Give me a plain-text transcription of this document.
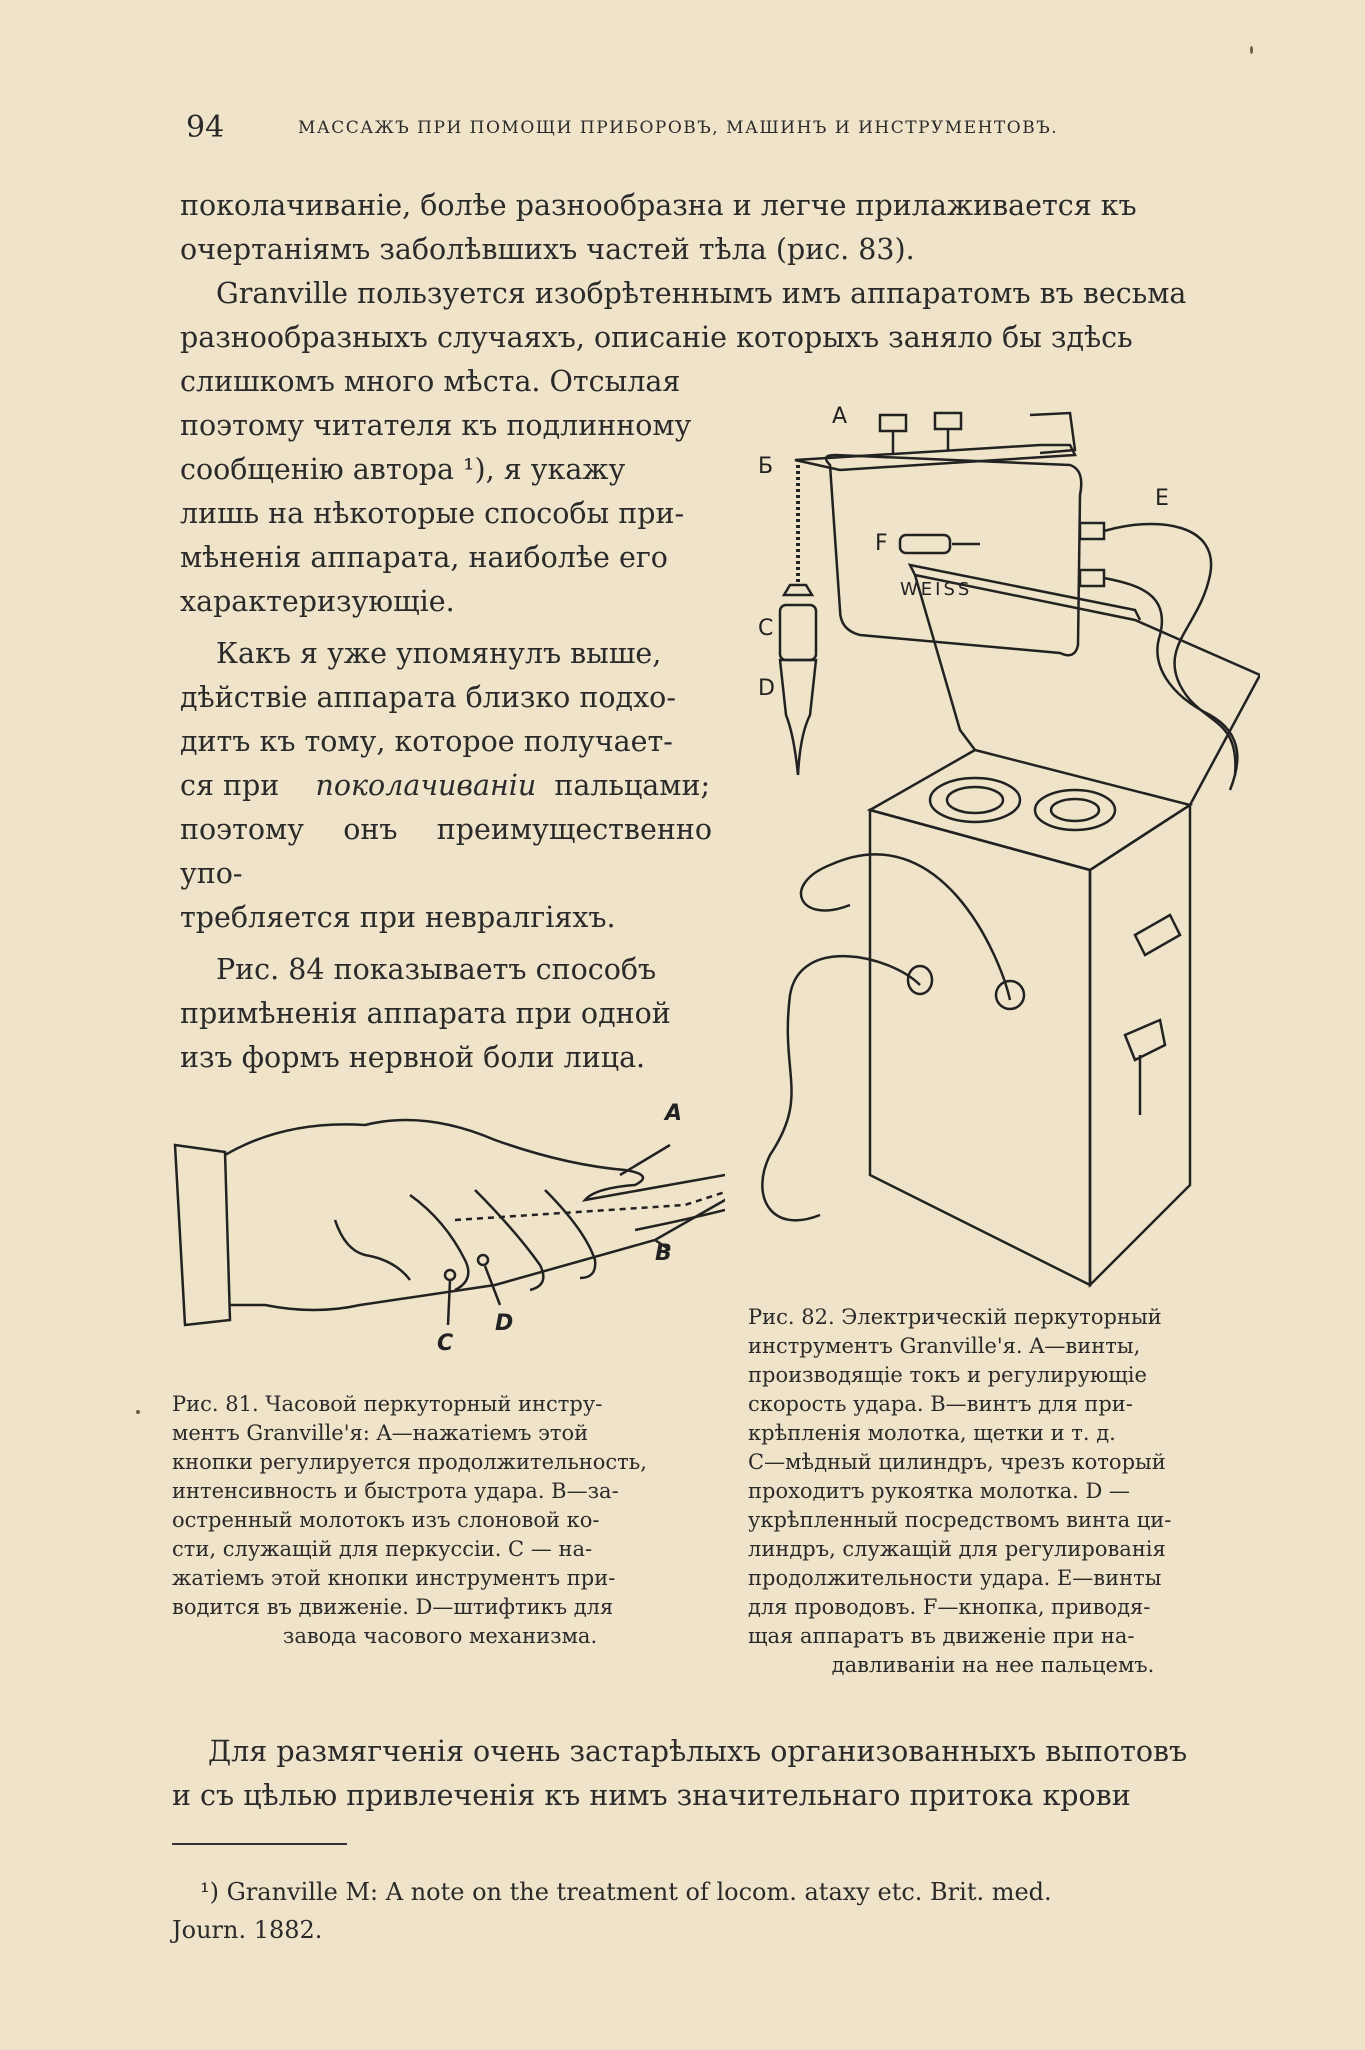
94	МАССАЖЪ ПРИ ПОМОЩИ ПРИБОРОВЪ, МАШИНЪ И ИНСТРУМЕНТОВЪ.

поколачиваніе, болѣе разнообразна и легче прилаживается къ

очертаніямъ заболѣвшихъ частей тѣла (рис. 83).

Granville пользуется изобрѣтеннымъ имъ аппаратомъ въ весьма

разнообразныхъ случаяхъ, описаніе которыхъ заняло бы здѣсь

слишкомъ много мѣста. Отсылая

поэтому читателя къ подлинному

сообщенію автора ¹), я укажу

лишь на нѣкоторые способы при-

мѣненія аппарата, наиболѣе его

характеризующіе.

Какъ я уже упомянулъ выше,

дѣйствіе аппарата близко подхо-

дитъ къ тому, которое получает-

ся при поколачиваніи пальцами;

поэтому онъ преимущественно упо-

требляется при невралгіяхъ.

Рис. 84 показываетъ способъ

примѣненія аппарата при одной

изъ формъ нервной боли лица.

A
Б
E
F
WEISS
C
D
Рис. 82. Электрическій перкуторный
инструментъ Granville'я. A—винты,
производящіе токъ и регулирующіе
скорость удара. B—винтъ для при-
крѣпленія молотка, щетки и т. д.
C—мѣдный цилиндръ, чрезъ который
проходитъ рукоятка молотка. D —
укрѣпленный посредствомъ винта ци-
линдръ, служащій для регулированія
продолжительности удара. E—винты
для проводовъ. F—кнопка, приводя-
щая аппаратъ въ движеніе при на-
давливаніи на нее пальцемъ.
A
B
C
D
Рис. 81. Часовой перкуторный инстру-
ментъ Granville'я: A—нажатіемъ этой
кнопки регулируется продолжительность,
интенсивность и быстрота удара. B—за-
остренный молотокъ изъ слоновой ко-
сти, служащій для перкуссіи. C — на-
жатіемъ этой кнопки инструментъ при-
водится въ движеніе. D—штифтикъ для
завода часового механизма.

Для размягченія очень застарѣлыхъ организованныхъ выпотовъ

и съ цѣлью привлеченія къ нимъ значительнаго притока крови

¹) Granville M: A note on the treatment of locom. ataxy etc. Brit. med.
Journ. 1882.
